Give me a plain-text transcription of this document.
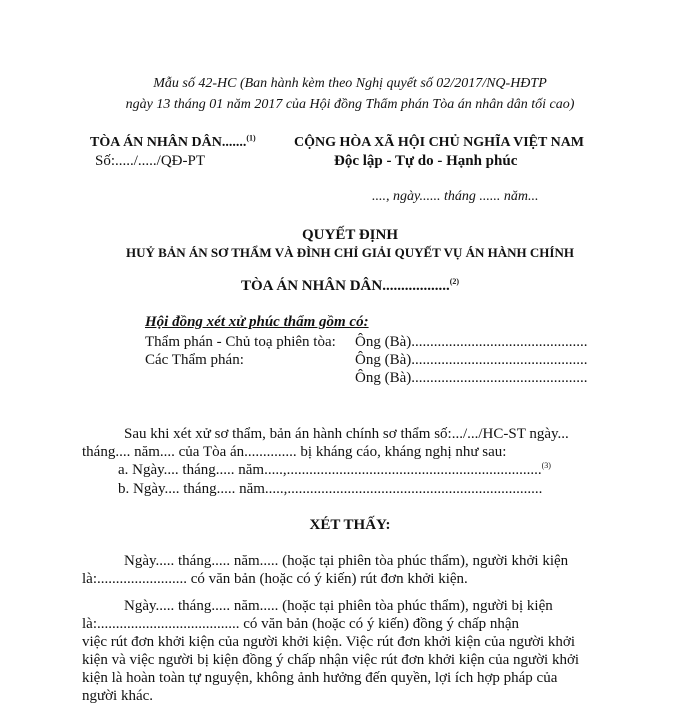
Mẫu số 42-HC (Ban hành kèm theo Nghị quyết số 02/2017/NQ-HĐTP
ngày 13 tháng 01 năm 2017 của Hội đồng Thẩm phán Tòa án nhân dân tối cao)
TÒA ÁN NHÂN DÂN.......$^{(1)}$
Số:...../...../QĐ-PT
CỘNG HÒA XÃ HỘI CHỦ NGHĨA VIỆT NAM
Độc lập - Tự do - Hạnh phúc
...., ngày...... tháng ...... năm...
QUYẾT ĐỊNH
HUỶ BẢN ÁN SƠ THẨM VÀ ĐÌNH CHỈ GIẢI QUYẾT VỤ ÁN HÀNH CHÍNH
TÒA ÁN NHÂN DÂN..................$^{(2)}$
Hội đồng xét xử phúc thẩm gồm có:
Thẩm phán - Chủ toạ phiên tòa: Ông (Bà)...............................................
Các Thẩm phán:	Ông (Bà)...............................................
Ông (Bà)...............................................
Sau khi xét xử sơ thẩm, bản án hành chính sơ thẩm số:.../.../HC-ST ngày...
tháng.... năm.... của Tòa án.............. bị kháng cáo, kháng nghị như sau:
a. Ngày.... tháng..... năm.....,....................................................................$^{(3)}$
b. Ngày.... tháng..... năm.....,....................................................................
XÉT THẤY:
Ngày..... tháng..... năm..... (hoặc tại phiên tòa phúc thẩm), người khởi kiện
là:........................ có văn bản (hoặc có ý kiến) rút đơn khởi kiện.
Ngày..... tháng..... năm..... (hoặc tại phiên tòa phúc thẩm), người bị kiện
là:...................................... có văn bản (hoặc có ý kiến) đồng ý chấp nhận
việc rút đơn khởi kiện của người khởi kiện. Việc rút đơn khởi kiện của người khởi
kiện và việc người bị kiện đồng ý chấp nhận việc rút đơn khởi kiện của người khởi
kiện là hoàn toàn tự nguyện, không ảnh hưởng đến quyền, lợi ích hợp pháp của
người khác.
